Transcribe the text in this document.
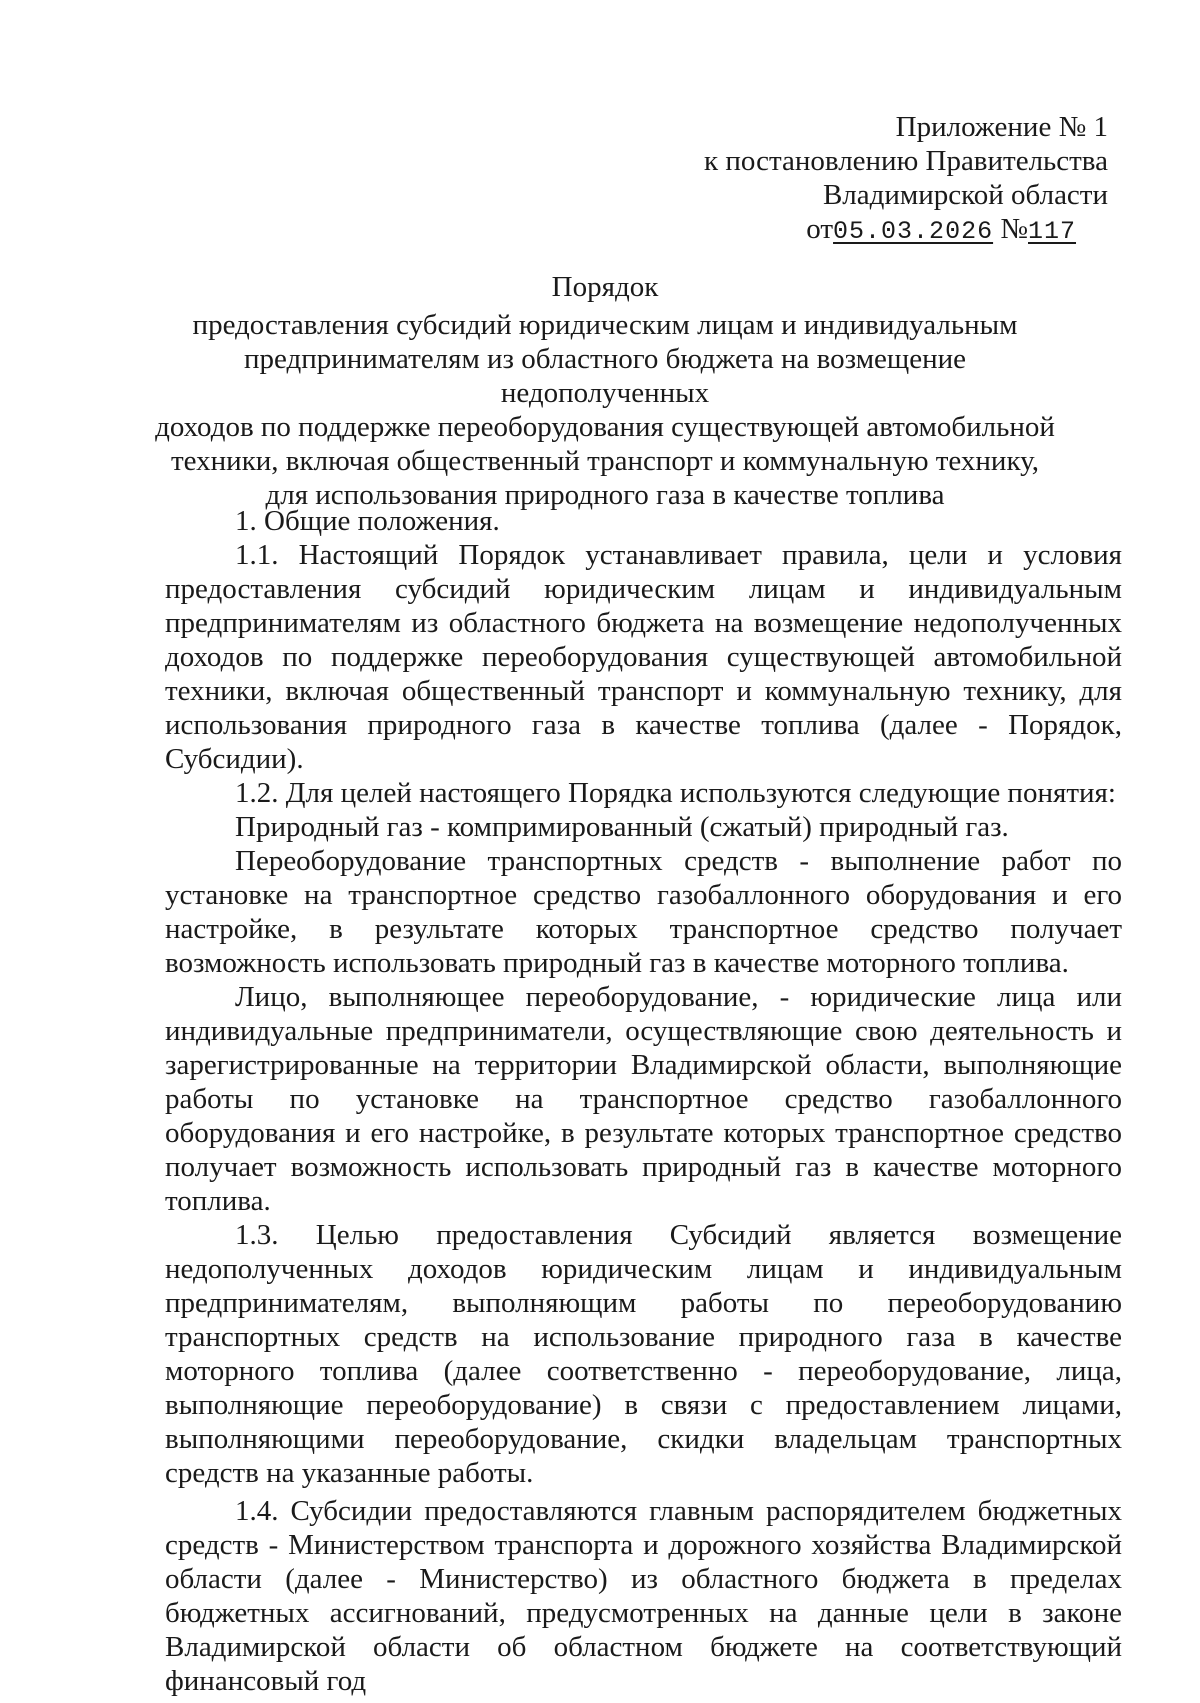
Приложение № 1
к постановлению Правительства
Владимирской области
от05.03.2026 №117
Порядок
предоставления субсидий юридическим лицам и индивидуальным
предпринимателям из областного бюджета на возмещение недополученных
доходов по поддержке переоборудования существующей автомобильной
техники, включая общественный транспорт и коммунальную технику,
для использования природного газа в качестве топлива

1. Общие положения.

1.1. Настоящий Порядок устанавливает правила, цели и условия предоставления субсидий юридическим лицам и индивидуальным предпринимателям из областного бюджета на возмещение недополученных доходов по поддержке переоборудования существующей автомобильной техники, включая общественный транспорт и коммунальную технику, для использования природного газа в качестве топлива (далее - Порядок, Субсидии).

1.2. Для целей настоящего Порядка используются следующие понятия:

Природный газ - компримированный (сжатый) природный газ.

Переоборудование транспортных средств - выполнение работ по установке на транспортное средство газобаллонного оборудования и его настройке, в результате которых транспортное средство получает возможность использовать природный газ в качестве моторного топлива.

Лицо, выполняющее переоборудование, - юридические лица или индивидуальные предприниматели, осуществляющие свою деятельность и зарегистрированные на территории Владимирской области, выполняющие работы по установке на транспортное средство газобаллонного оборудования и его настройке, в результате которых транспортное средство получает возможность использовать природный газ в качестве моторного топлива.

1.3. Целью предоставления Субсидий является возмещение недополученных доходов юридическим лицам и индивидуальным предпринимателям, выполняющим работы по переоборудованию транспортных средств на использование природного газа в качестве моторного топлива (далее соответственно - переоборудование, лица, выполняющие переоборудование) в связи с предоставлением лицами, выполняющими переоборудование, скидки владельцам транспортных средств на указанные работы.

1.4. Субсидии предоставляются главным распорядителем бюджетных средств - Министерством транспорта и дорожного хозяйства Владимирской области (далее - Министерство) из областного бюджета в пределах бюджетных ассигнований, предусмотренных на данные цели в законе Владимирской области об областном бюджете на соответствующий финансовый год
